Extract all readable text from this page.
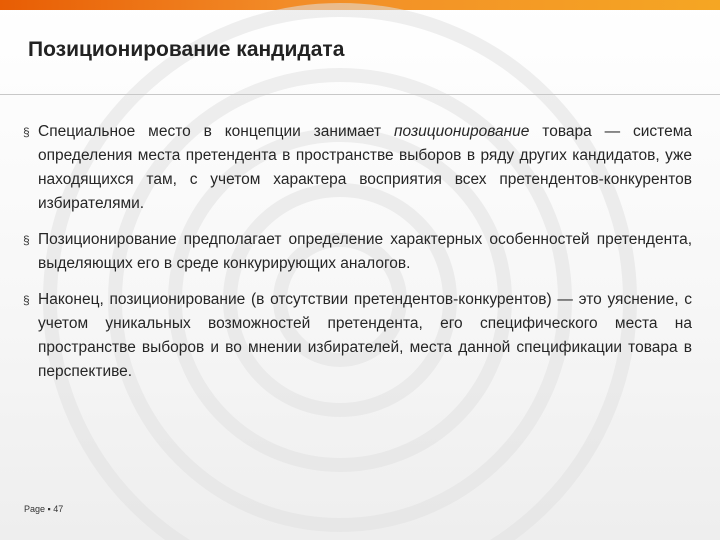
Позиционирование кандидата
§ Специальное место в концепции занимает позиционирование товара — система определения места претендента в пространстве выборов в ряду других кандидатов, уже находящихся там, с учетом характера восприятия всех претендентов-конкурентов избирателями.
§ Позиционирование предполагает определение характерных особенностей претендента, выделяющих его в среде конкурирующих аналогов.
§ Наконец, позиционирование (в отсутствии претендентов-конкурентов) — это уяснение, с учетом уникальных возможностей претендента, его специфического места на пространстве выборов и во мнении избирателей, места данной спецификации товара в перспективе.
Page ▪ 47
